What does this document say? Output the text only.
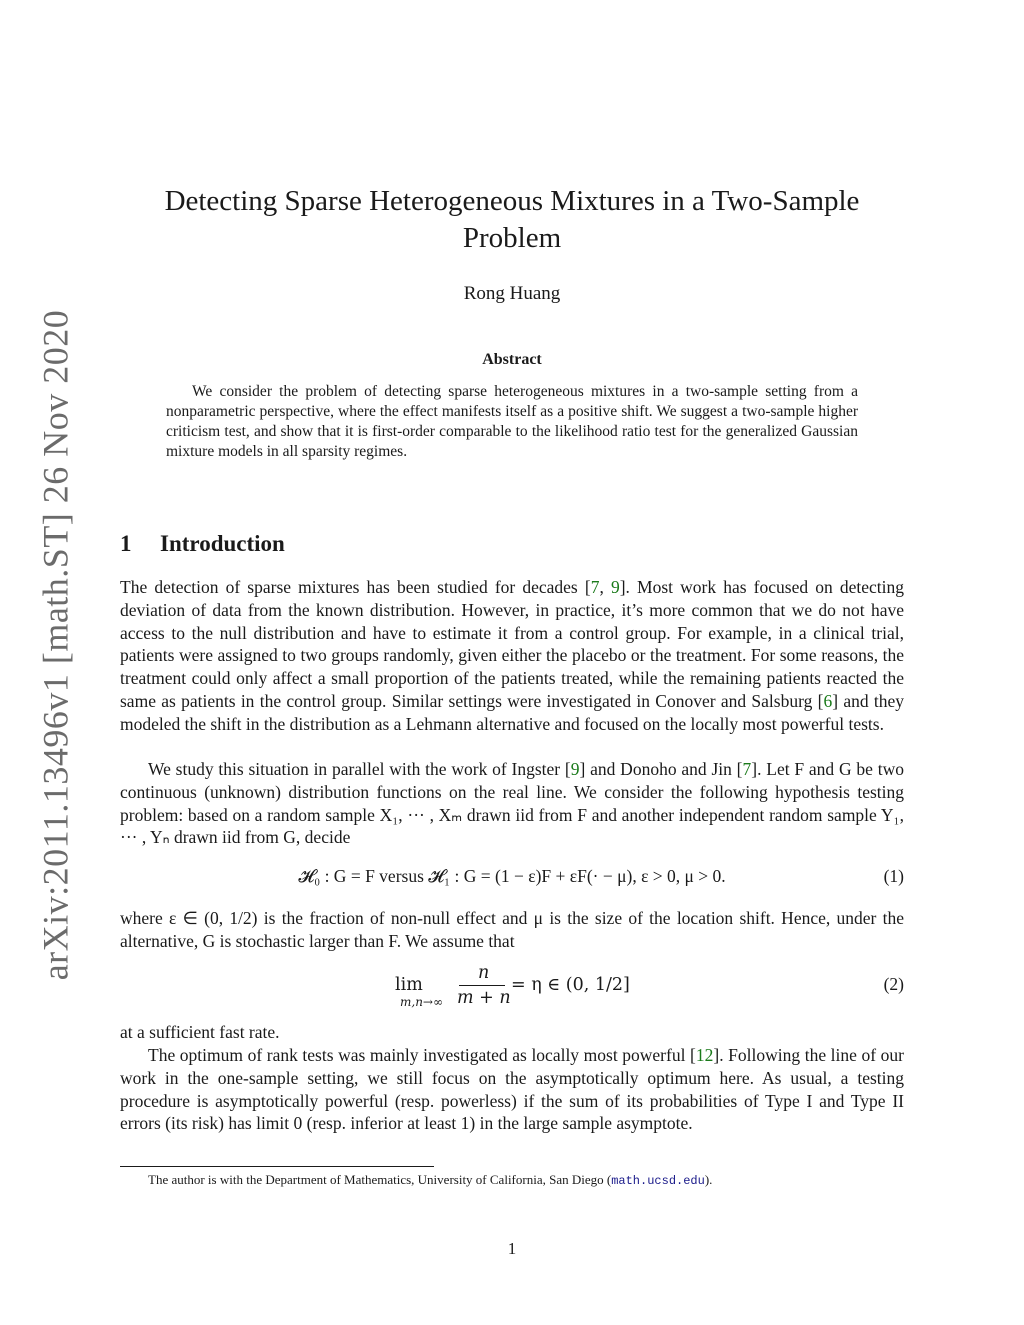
arXiv:2011.13496v1 [math.ST] 26 Nov 2020
Detecting Sparse Heterogeneous Mixtures in a Two-Sample Problem
Rong Huang
Abstract

We consider the problem of detecting sparse heterogeneous mixtures in a two-sample setting from a nonparametric perspective, where the effect manifests itself as a positive shift. We suggest a two-sample higher criticism test, and show that it is first-order comparable to the likelihood ratio test for the generalized Gaussian mixture models in all sparsity regimes.

1 Introduction

The detection of sparse mixtures has been studied for decades [7, 9]. Most work has focused on detecting deviation of data from the known distribution. However, in practice, it’s more common that we do not have access to the null distribution and have to estimate it from a control group. For example, in a clinical trial, patients were assigned to two groups randomly, given either the placebo or the treatment. For some reasons, the treatment could only affect a small proportion of the patients treated, while the remaining patients reacted the same as patients in the control group. Similar settings were investigated in Conover and Salsburg [6] and they modeled the shift in the distribution as a Lehmann alternative and focused on the locally most powerful tests.

We study this situation in parallel with the work of Ingster [9] and Donoho and Jin [7]. Let F and G be two continuous (unknown) distribution functions on the real line. We consider the following hypothesis testing problem: based on a random sample X₁, ··· , Xₘ drawn iid from F and another independent random sample Y₁, ··· , Yₙ drawn iid from G, decide

𝓗₀ : G = F versus 𝓗₁ : G = (1 − ε)F + εF(· − μ), ε > 0, μ > 0.	(1)

where ε ∈ (0, 1/2) is the fraction of non-null effect and μ is the size of the location shift. Hence, under the alternative, G is stochastic larger than F. We assume that

lim
m,n→∞
n
m + n
= η ∈ (0, 1/2]	(2)

at a sufficient fast rate.

The optimum of rank tests was mainly investigated as locally most powerful [12]. Following the line of our work in the one-sample setting, we still focus on the asymptotically optimum here. As usual, a testing procedure is asymptotically powerful (resp. powerless) if the sum of its probabilities of Type I and Type II errors (its risk) has limit 0 (resp. inferior at least 1) in the large sample asymptote.

The author is with the Department of Mathematics, University of California, San Diego (math.ucsd.edu).
1
